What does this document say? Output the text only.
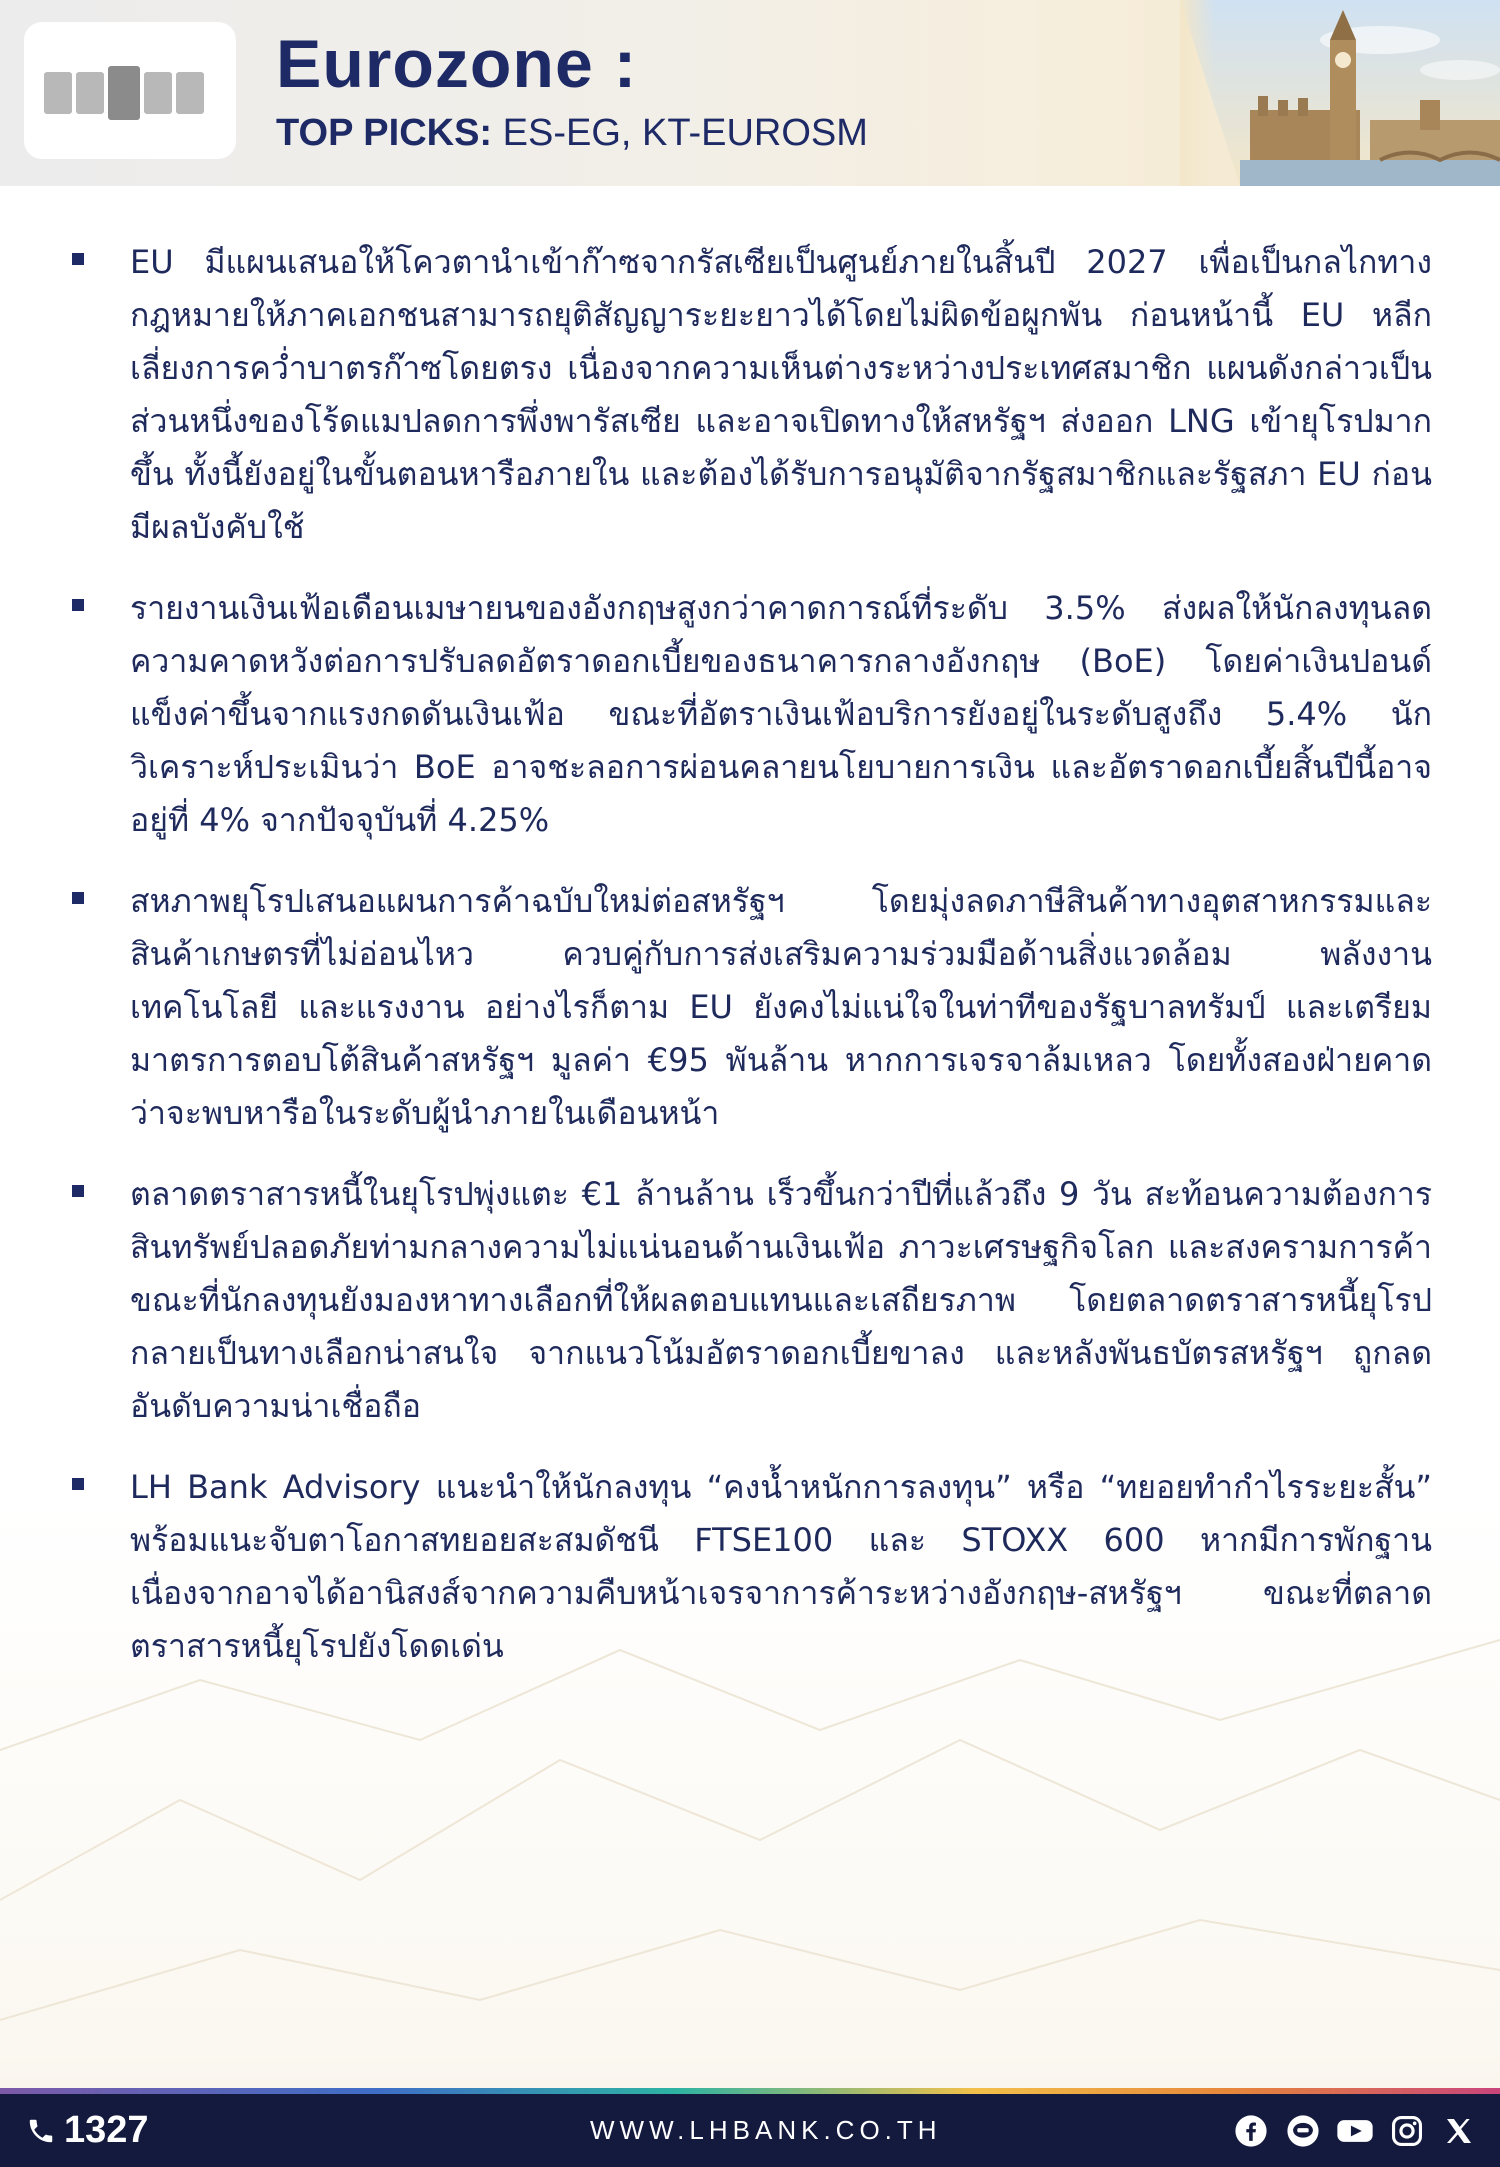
Eurozone :
TOP PICKS: ES-EG, KT-EUROSM
EU มีแผนเสนอให้โควตานำเข้าก๊าซจากรัสเซียเป็นศูนย์ภายในสิ้นปี 2027 เพื่อเป็นกลไกทางกฎหมายให้ภาคเอกชนสามารถยุติสัญญาระยะยาวได้โดยไม่ผิดข้อผูกพัน ก่อนหน้านี้ EU หลีกเลี่ยงการคว่ำบาตรก๊าซโดยตรง เนื่องจากความเห็นต่างระหว่างประเทศสมาชิก แผนดังกล่าวเป็นส่วนหนึ่งของโร้ดแมปลดการพึ่งพารัสเซีย และอาจเปิดทางให้สหรัฐฯ ส่งออก LNG เข้ายุโรปมากขึ้น ทั้งนี้ยังอยู่ในขั้นตอนหารือภายใน และต้องได้รับการอนุมัติจากรัฐสมาชิกและรัฐสภา EU ก่อนมีผลบังคับใช้
รายงานเงินเฟ้อเดือนเมษายนของอังกฤษสูงกว่าคาดการณ์ที่ระดับ 3.5% ส่งผลให้นักลงทุนลดความคาดหวังต่อการปรับลดอัตราดอกเบี้ยของธนาคารกลางอังกฤษ (BoE) โดยค่าเงินปอนด์แข็งค่าขึ้นจากแรงกดดันเงินเฟ้อ ขณะที่อัตราเงินเฟ้อบริการยังอยู่ในระดับสูงถึง 5.4% นักวิเคราะห์ประเมินว่า BoE อาจชะลอการผ่อนคลายนโยบายการเงิน และอัตราดอกเบี้ยสิ้นปีนี้อาจอยู่ที่ 4% จากปัจจุบันที่ 4.25%
สหภาพยุโรปเสนอแผนการค้าฉบับใหม่ต่อสหรัฐฯ โดยมุ่งลดภาษีสินค้าทางอุตสาหกรรมและสินค้าเกษตรที่ไม่อ่อนไหว ควบคู่กับการส่งเสริมความร่วมมือด้านสิ่งแวดล้อม พลังงาน เทคโนโลยี และแรงงาน อย่างไรก็ตาม EU ยังคงไม่แน่ใจในท่าทีของรัฐบาลทรัมป์ และเตรียมมาตรการตอบโต้สินค้าสหรัฐฯ มูลค่า €95 พันล้าน หากการเจรจาล้มเหลว โดยทั้งสองฝ่ายคาดว่าจะพบหารือในระดับผู้นำภายในเดือนหน้า
ตลาดตราสารหนี้ในยุโรปพุ่งแตะ €1 ล้านล้าน เร็วขึ้นกว่าปีที่แล้วถึง 9 วัน สะท้อนความต้องการสินทรัพย์ปลอดภัยท่ามกลางความไม่แน่นอนด้านเงินเฟ้อ ภาวะเศรษฐกิจโลก และสงครามการค้า ขณะที่นักลงทุนยังมองหาทางเลือกที่ให้ผลตอบแทนและเสถียรภาพ โดยตลาดตราสารหนี้ยุโรปกลายเป็นทางเลือกน่าสนใจ จากแนวโน้มอัตราดอกเบี้ยขาลง และหลังพันธบัตรสหรัฐฯ ถูกลดอันดับความน่าเชื่อถือ
LH Bank Advisory แนะนำให้นักลงทุน “คงน้ำหนักการลงทุน” หรือ “ทยอยทำกำไรระยะสั้น” พร้อมแนะจับตาโอกาสทยอยสะสมดัชนี FTSE100 และ STOXX 600 หากมีการพักฐาน เนื่องจากอาจได้อานิสงส์จากความคืบหน้าเจรจาการค้าระหว่างอังกฤษ-สหรัฐฯ ขณะที่ตลาดตราสารหนี้ยุโรปยังโดดเด่น
1327	WWW.LHBANK.CO.TH
